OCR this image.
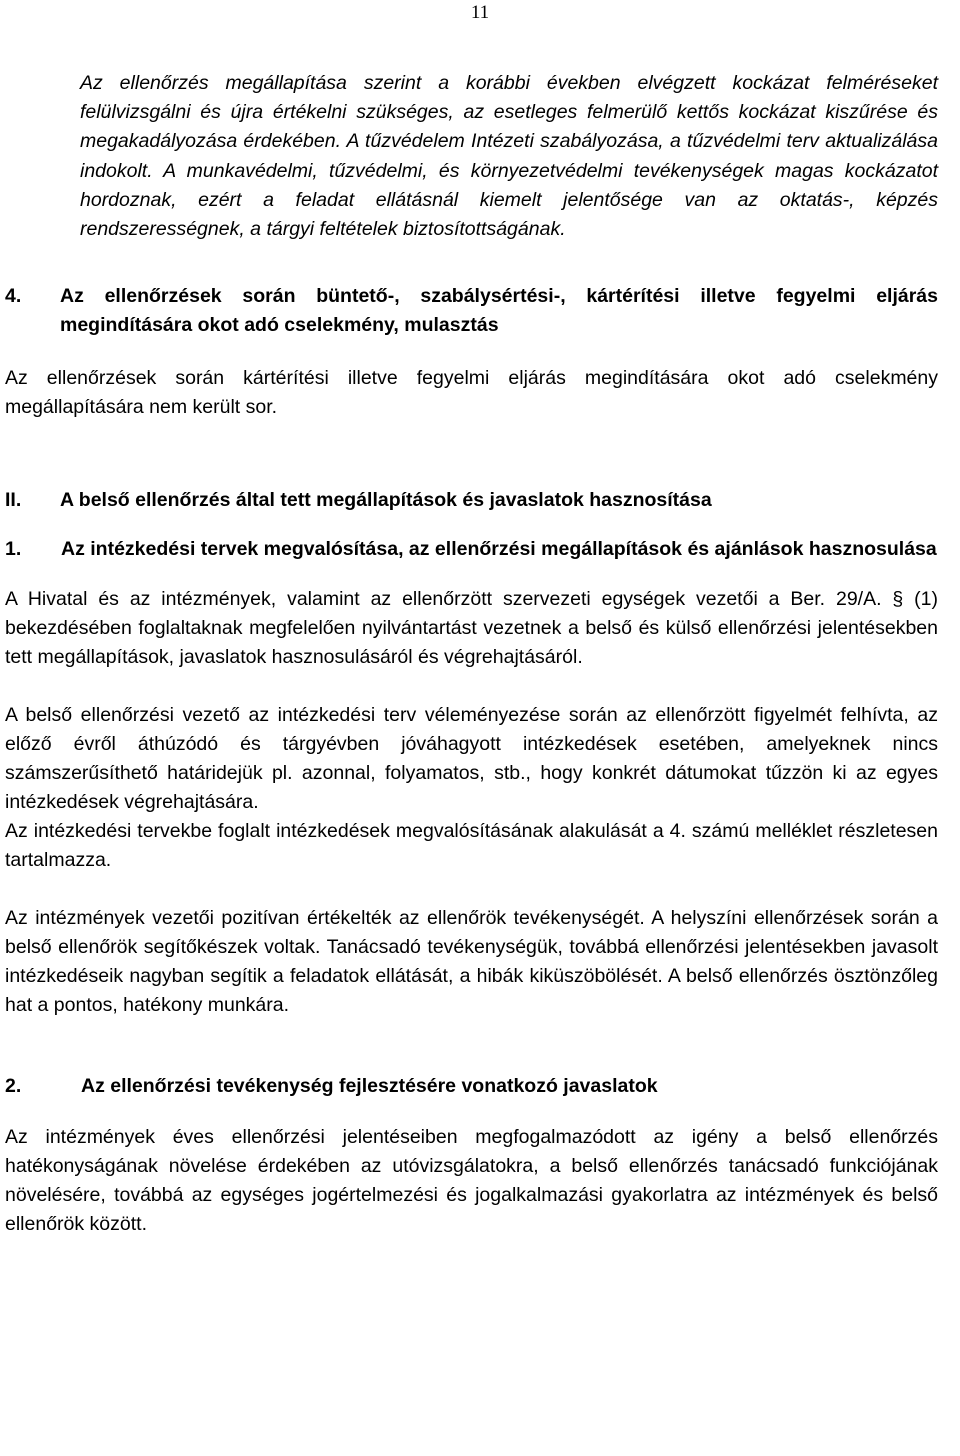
11

Az ellenőrzés megállapítása szerint a korábbi években elvégzett kockázat felméréseket felülvizsgálni és újra értékelni szükséges, az esetleges felmerülő kettős kockázat kiszűrése és megakadályozása érdekében. A tűzvédelem Intézeti szabályozása, a tűzvédelmi terv aktualizálása indokolt. A munkavédelmi, tűzvédelmi, és környezetvédelmi tevékenységek magas kockázatot hordoznak, ezért a feladat ellátásnál kiemelt jelentősége van az oktatás-, képzés rendszerességnek, a tárgyi feltételek biztosítottságának.

4.	Az ellenőrzések során büntető-, szabálysértési-, kártérítési illetve fegyelmi eljárás megindítására okot adó cselekmény, mulasztás

Az ellenőrzések során kártérítési illetve fegyelmi eljárás megindítására okot adó cselekmény megállapítására nem került sor.

II.	A belső ellenőrzés által tett megállapítások és javaslatok hasznosítása
1.	Az intézkedési tervek megvalósítása, az ellenőrzési megállapítások és ajánlások hasznosulása

A Hivatal és az intézmények, valamint az ellenőrzött szervezeti egységek vezetői a Ber. 29/A. § (1) bekezdésében foglaltaknak megfelelően nyilvántartást vezetnek a belső és külső ellenőrzési jelentésekben tett megállapítások, javaslatok hasznosulásáról és végrehajtásáról.

A belső ellenőrzési vezető az intézkedési terv véleményezése során az ellenőrzött figyelmét felhívta, az előző évről áthúzódó és tárgyévben jóváhagyott intézkedések esetében, amelyeknek nincs számszerűsíthető határidejük pl. azonnal, folyamatos, stb., hogy konkrét dátumokat tűzzön ki az egyes intézkedések végrehajtására.

Az intézkedési tervekbe foglalt intézkedések megvalósításának alakulását a 4. számú melléklet részletesen tartalmazza.

Az intézmények vezetői pozitívan értékelték az ellenőrök tevékenységét. A helyszíni ellenőrzések során a belső ellenőrök segítőkészek voltak. Tanácsadó tevékenységük, továbbá ellenőrzési jelentésekben javasolt intézkedéseik nagyban segítik a feladatok ellátását, a hibák kiküszöbölését. A belső ellenőrzés ösztönzőleg hat a pontos, hatékony munkára.

2.	Az ellenőrzési tevékenység fejlesztésére vonatkozó javaslatok

Az intézmények éves ellenőrzési jelentéseiben megfogalmazódott az igény a belső ellenőrzés hatékonyságának növelése érdekében az utóvizsgálatokra, a belső ellenőrzés tanácsadó funkciójának növelésére, továbbá az egységes jogértelmezési és jogalkalmazási gyakorlatra az intézmények és belső ellenőrök között.
